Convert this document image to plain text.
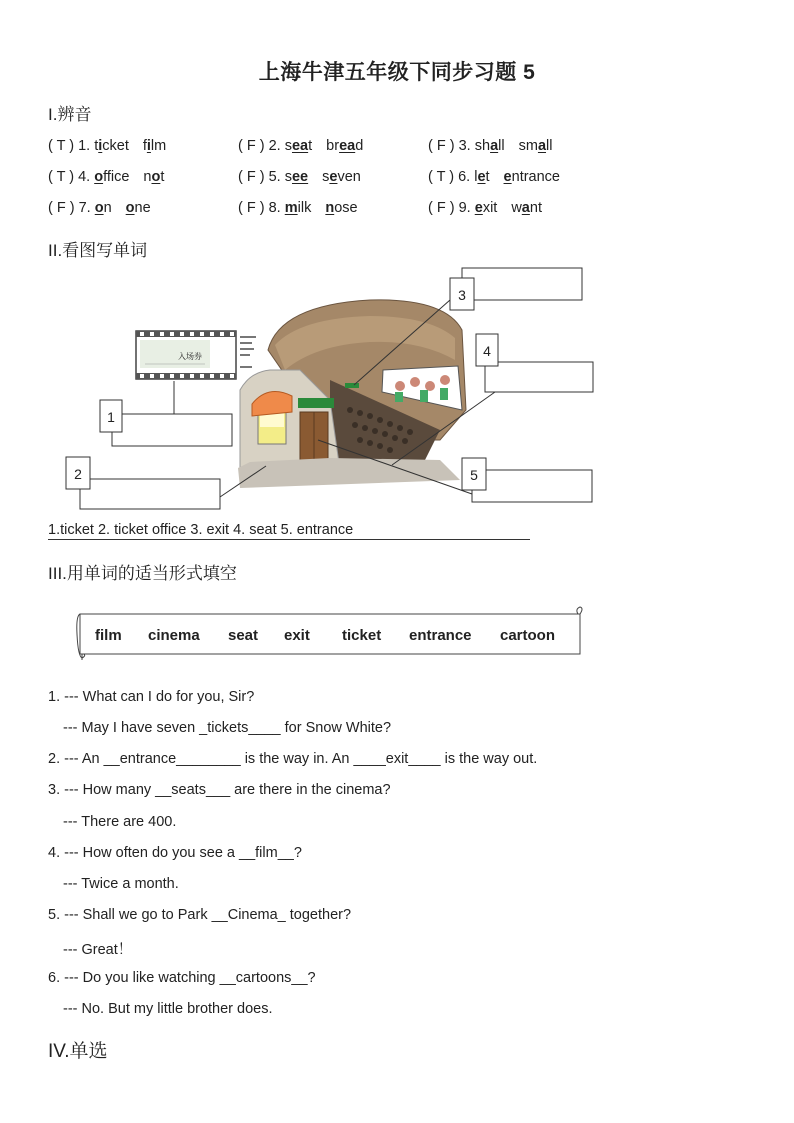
上海牛津五年级下同步习题 5
I.辨音
( T ) 1. ticket film	( F ) 2. seat bread	( F ) 3. shall small
( T ) 4. office not	( F ) 5. see seven	( T ) 6. let entrance
( F ) 7. on one	( F ) 8. milk nose	( F ) 9. exit want
II.看图写单词
入场券
1
2
3
4
5
1.ticket 2. ticket office 3. exit 4. seat 5. entrance
III.用单词的适当形式填空
film cinema seat exit ticket entrance cartoon
1. --- What can I do for you, Sir?
--- May I have seven _tickets____ for Snow White?
2. --- An __entrance________ is the way in. An ____exit____ is the way out.
3. --- How many __seats___ are there in the cinema?
--- There are 400.
4. --- How often do you see a __film__?
--- Twice a month.
5. --- Shall we go to Park __Cinema_ together?
--- Great！
6. --- Do you like watching __cartoons__?
--- No. But my little brother does.
IV.单选
